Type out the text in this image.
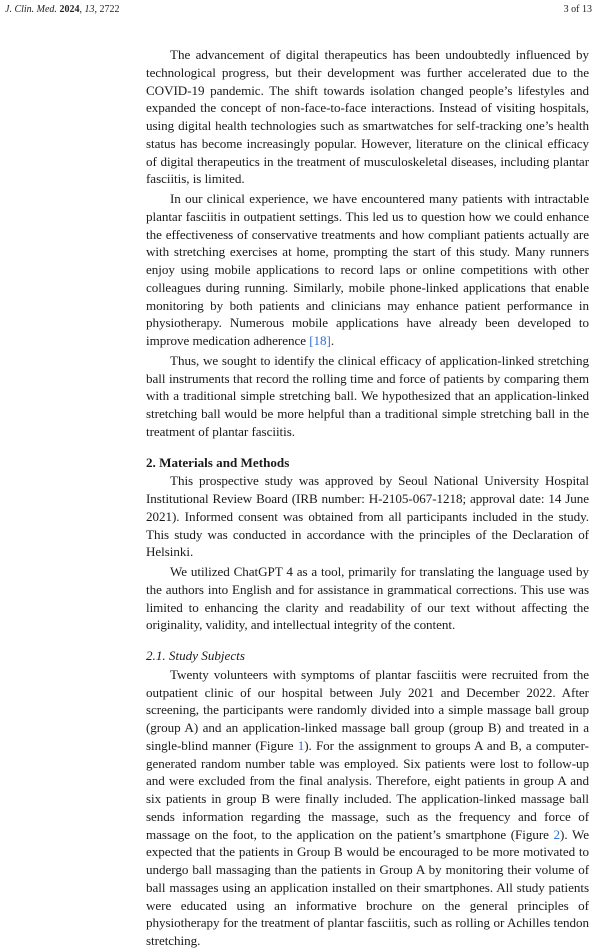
J. Clin. Med. 2024, 13, 2722	3 of 13

The advancement of digital therapeutics has been undoubtedly influenced by technological progress, but their development was further accelerated due to the COVID-19 pandemic. The shift towards isolation changed people’s lifestyles and expanded the concept of non-face-to-face interactions. Instead of visiting hospitals, using digital health technologies such as smartwatches for self-tracking one’s health status has become increasingly popular. However, literature on the clinical efficacy of digital therapeutics in the treatment of musculoskeletal diseases, including plantar fasciitis, is limited.

In our clinical experience, we have encountered many patients with intractable plantar fasciitis in outpatient settings. This led us to question how we could enhance the effectiveness of conservative treatments and how compliant patients actually are with stretching exercises at home, prompting the start of this study. Many runners enjoy using mobile applications to record laps or online competitions with other colleagues during running. Similarly, mobile phone-linked applications that enable monitoring by both patients and clinicians may enhance patient performance in physiotherapy. Numerous mobile applications have already been developed to improve medication adherence [18].

Thus, we sought to identify the clinical efficacy of application-linked stretching ball instruments that record the rolling time and force of patients by comparing them with a traditional simple stretching ball. We hypothesized that an application-linked stretching ball would be more helpful than a traditional simple stretching ball in the treatment of plantar fasciitis.

2. Materials and Methods

This prospective study was approved by Seoul National University Hospital Institutional Review Board (IRB number: H-2105-067-1218; approval date: 14 June 2021). Informed consent was obtained from all participants included in the study. This study was conducted in accordance with the principles of the Declaration of Helsinki.

We utilized ChatGPT 4 as a tool, primarily for translating the language used by the authors into English and for assistance in grammatical corrections. This use was limited to enhancing the clarity and readability of our text without affecting the originality, validity, and intellectual integrity of the content.

2.1. Study Subjects

Twenty volunteers with symptoms of plantar fasciitis were recruited from the outpatient clinic of our hospital between July 2021 and December 2022. After screening, the participants were randomly divided into a simple massage ball group (group A) and an application-linked massage ball group (group B) and treated in a single-blind manner (Figure 1). For the assignment to groups A and B, a computer-generated random number table was employed. Six patients were lost to follow-up and were excluded from the final analysis. Therefore, eight patients in group A and six patients in group B were finally included. The application-linked massage ball sends information regarding the massage, such as the frequency and force of massage on the foot, to the application on the patient’s smartphone (Figure 2). We expected that the patients in Group B would be encouraged to be more motivated to undergo ball massaging than the patients in Group A by monitoring their volume of ball massages using an application installed on their smartphones. All study patients were educated using an informative brochure on the general principles of physiotherapy for the treatment of plantar fasciitis, such as rolling or Achilles tendon stretching.
